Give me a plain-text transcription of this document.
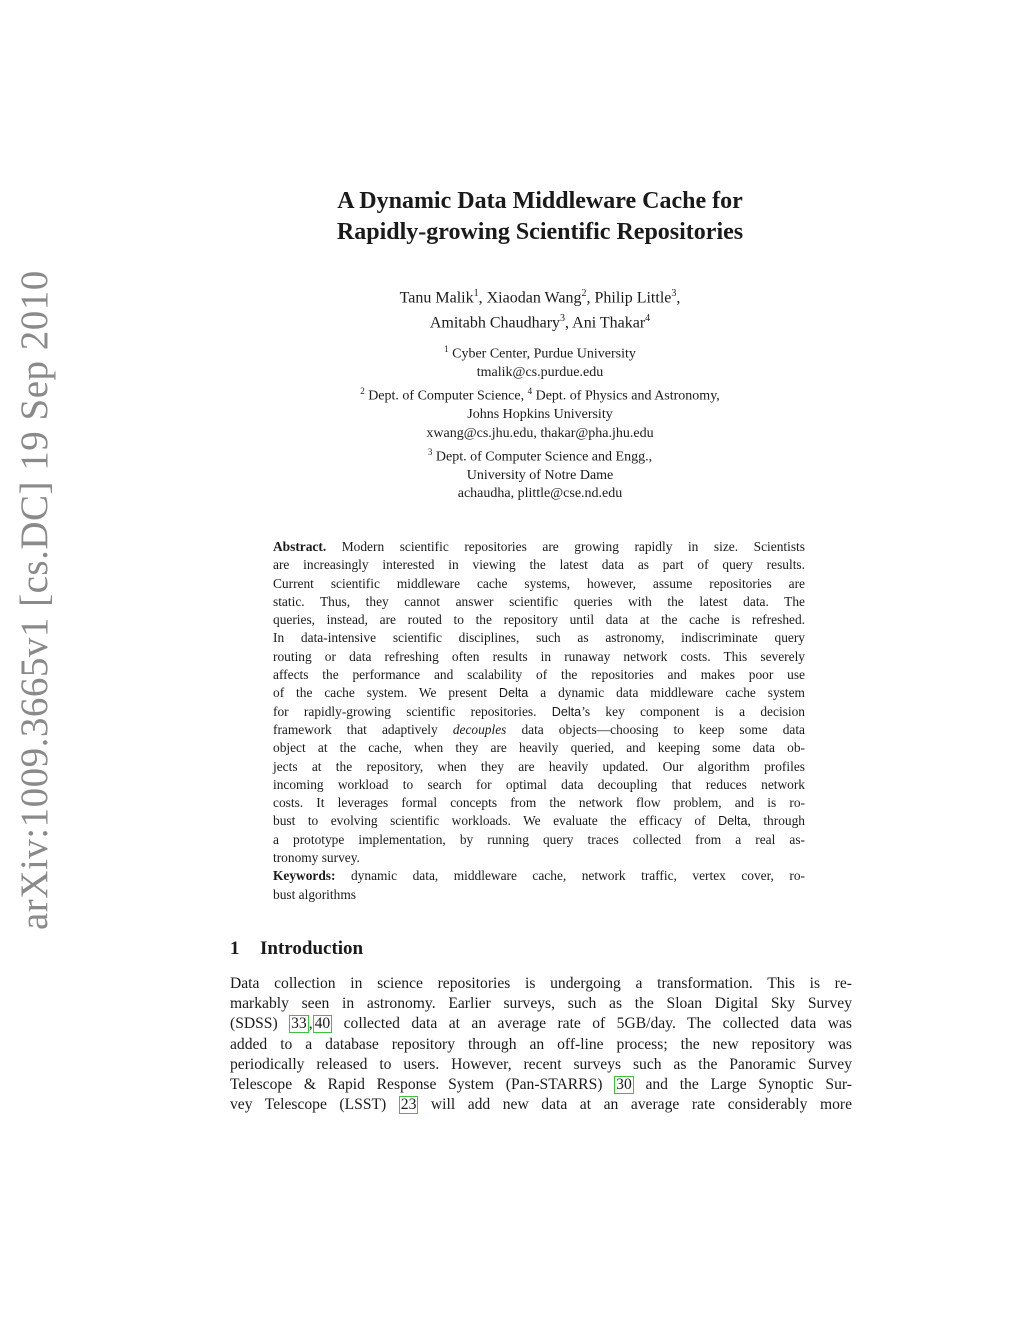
arXiv:1009.3665v1 [cs.DC] 19 Sep 2010
A Dynamic Data Middleware Cache for
Rapidly-growing Scientific Repositories
Tanu Malik$^1$, Xiaodan Wang$^2$, Philip Little$^3$,
Amitabh Chaudhary$^3$, Ani Thakar$^4$
$^1$ Cyber Center, Purdue University
tmalik@cs.purdue.edu
$^2$ Dept. of Computer Science, $^4$ Dept. of Physics and Astronomy,
Johns Hopkins University
xwang@cs.jhu.edu, thakar@pha.jhu.edu
$^3$ Dept. of Computer Science and Engg.,
University of Notre Dame
achaudha, plittle@cse.nd.edu
Abstract. Modern scientific repositories are growing rapidly in size. Scientists
are increasingly interested in viewing the latest data as part of query results.
Current scientific middleware cache systems, however, assume repositories are
static. Thus, they cannot answer scientific queries with the latest data. The
queries, instead, are routed to the repository until data at the cache is refreshed.
In data-intensive scientific disciplines, such as astronomy, indiscriminate query
routing or data refreshing often results in runaway network costs. This severely
affects the performance and scalability of the repositories and makes poor use
of the cache system. We present Delta a dynamic data middleware cache system
for rapidly-growing scientific repositories. Delta’s key component is a decision
framework that adaptively decouples data objects—choosing to keep some data
object at the cache, when they are heavily queried, and keeping some data ob-
jects at the repository, when they are heavily updated. Our algorithm profiles
incoming workload to search for optimal data decoupling that reduces network
costs. It leverages formal concepts from the network flow problem, and is ro-
bust to evolving scientific workloads. We evaluate the efficacy of Delta, through
a prototype implementation, by running query traces collected from a real as-
tronomy survey.
Keywords: dynamic data, middleware cache, network traffic, vertex cover, ro-
bust algorithms
1 Introduction
Data collection in science repositories is undergoing a transformation. This is re-
markably seen in astronomy. Earlier surveys, such as the Sloan Digital Sky Survey
(SDSS) 33 , 40 collected data at an average rate of 5GB/day. The collected data was
added to a database repository through an off-line process; the new repository was
periodically released to users. However, recent surveys such as the Panoramic Survey
Telescope & Rapid Response System (Pan-STARRS) 30 and the Large Synoptic Sur-
vey Telescope (LSST) 23 will add new data at an average rate considerably more
